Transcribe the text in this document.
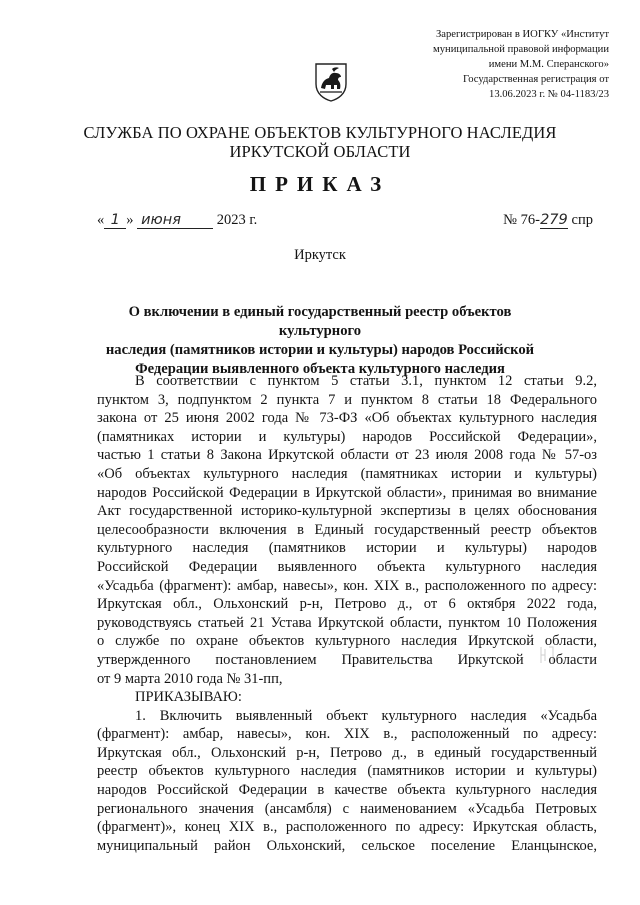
Зарегистрирован в ИОГКУ «Институт
муниципальной правовой информации
имени М.М. Сперанского»
Государственная регистрация от
13.06.2023 г. № 04-1183/23
СЛУЖБА ПО ОХРАНЕ ОБЪЕКТОВ КУЛЬТУРНОГО НАСЛЕДИЯ
ИРКУТСКОЙ ОБЛАСТИ
ПРИКАЗ
« 1 » июня 2023 г.	№ 76-279 спр
Иркутск
О включении в единый государственный реестр объектов культурного
наследия (памятников истории и культуры) народов Российской
Федерации выявленного объекта культурного наследия
В соответствии с пунктом 5 статьи 3.1, пунктом 12 статьи 9.2,
пунктом 3, подпунктом 2 пункта 7 и пунктом 8 статьи 18 Федерального
закона от 25 июня 2002 года № 73-ФЗ «Об объектах культурного наследия
(памятниках истории и культуры) народов Российской Федерации»,
частью 1 статьи 8 Закона Иркутской области от 23 июля 2008 года № 57-оз
«Об объектах культурного наследия (памятниках истории и культуры)
народов Российской Федерации в Иркутской области», принимая во внимание
Акт государственной историко-культурной экспертизы в целях обоснования
целесообразности включения в Единый государственный реестр объектов
культурного наследия (памятников истории и культуры) народов
Российской Федерации выявленного объекта культурного наследия
«Усадьба (фрагмент): амбар, навесы», кон. XIX в., расположенного по адресу:
Иркутская обл., Ольхонский р-н, Петрово д., от 6 октября 2022 года,
руководствуясь статьей 21 Устава Иркутской области, пунктом 10 Положения
о службе по охране объектов культурного наследия Иркутской области,
утвержденного постановлением Правительства Иркутской области
от 9 марта 2010 года № 31-пп,
ПРИКАЗЫВАЮ:
1. Включить выявленный объект культурного наследия «Усадьба
(фрагмент): амбар, навесы», кон. XIX в., расположенный по адресу:
Иркутская обл., Ольхонский р-н, Петрово д., в единый государственный
реестр объектов культурного наследия (памятников истории и культуры)
народов Российской Федерации в качестве объекта культурного наследия
регионального значения (ансамбля) с наименованием «Усадьба Петровых
(фрагмент)», конец XIX в., расположенного по адресу: Иркутская область,
муниципальный район Ольхонский, сельское поселение Еланцынское,
